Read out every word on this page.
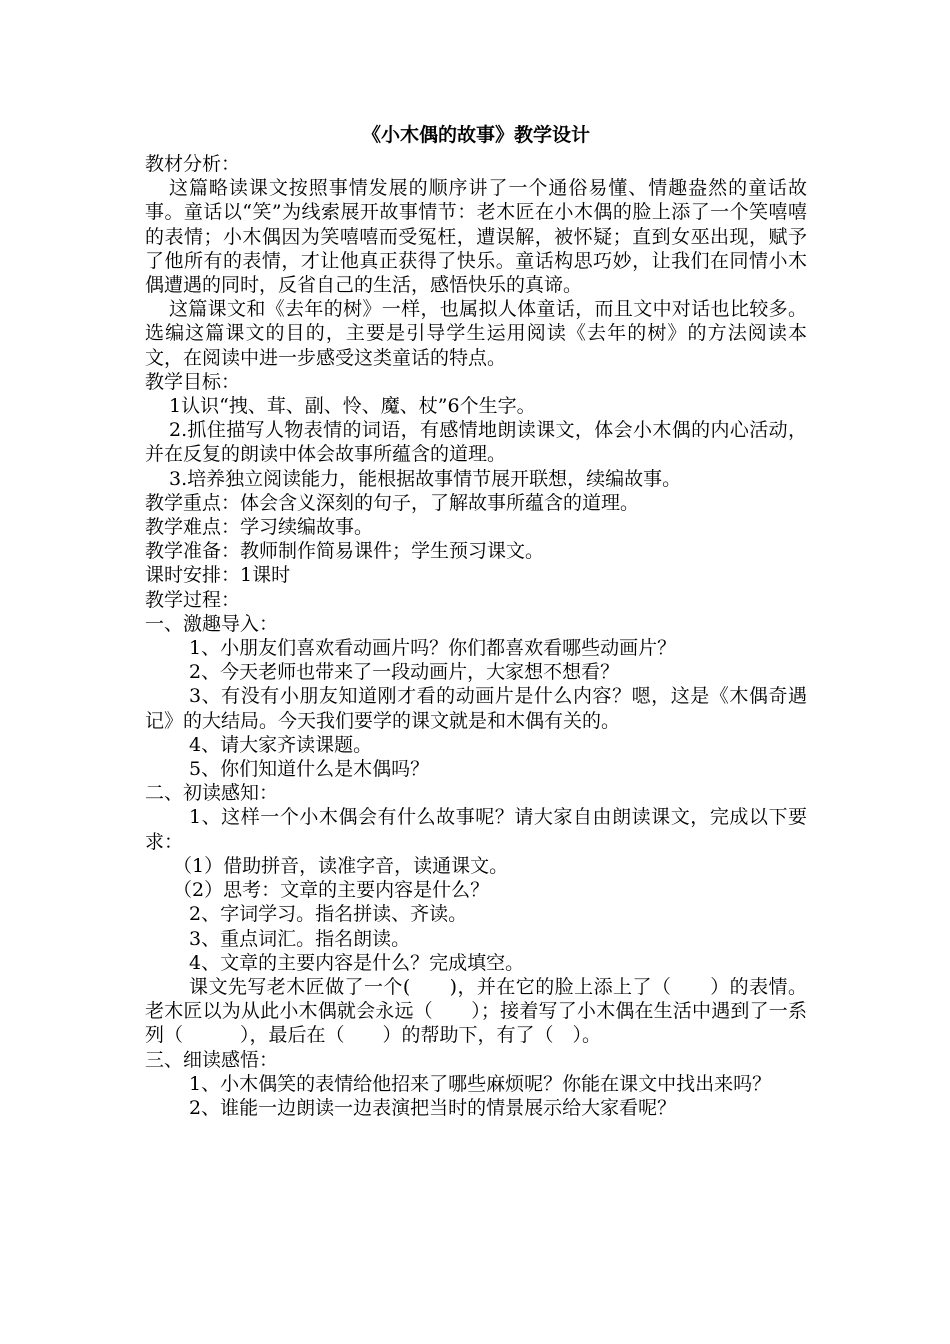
《小木偶的故事》教学设计

教材分析：

这篇略读课文按照事情发展的顺序讲了一个通俗易懂、情趣盎然的童话故事。童话以“笑”为线索展开故事情节：老木匠在小木偶的脸上添了一个笑嘻嘻的表情；小木偶因为笑嘻嘻而受冤枉，遭误解，被怀疑；直到女巫出现，赋予了他所有的表情，才让他真正获得了快乐。童话构思巧妙，让我们在同情小木偶遭遇的同时，反省自己的生活，感悟快乐的真谛。

这篇课文和《去年的树》一样，也属拟人体童话，而且文中对话也比较多。选编这篇课文的目的，主要是引导学生运用阅读《去年的树》的方法阅读本文，在阅读中进一步感受这类童话的特点。

教学目标：

1认识“拽、茸、副、怜、魔、杖”6个生字。

2.抓住描写人物表情的词语，有感情地朗读课文，体会小木偶的内心活动，并在反复的朗读中体会故事所蕴含的道理。

3.培养独立阅读能力，能根据故事情节展开联想，续编故事。

教学重点：体会含义深刻的句子，了解故事所蕴含的道理。

教学难点：学习续编故事。

教学准备：教师制作简易课件；学生预习课文。

课时安排：1课时

教学过程：

一、激趣导入：

1、小朋友们喜欢看动画片吗？你们都喜欢看哪些动画片？

2、今天老师也带来了一段动画片，大家想不想看？

3、有没有小朋友知道刚才看的动画片是什么内容？嗯，这是《木偶奇遇记》的大结局。今天我们要学的课文就是和木偶有关的。

4、请大家齐读课题。

5、你们知道什么是木偶吗？

二、初读感知：

1、这样一个小木偶会有什么故事呢？请大家自由朗读课文，完成以下要求：

（1）借助拼音，读准字音，读通课文。

（2）思考：文章的主要内容是什么？

2、字词学习。指名拼读、齐读。

3、重点词汇。指名朗读。

4、文章的主要内容是什么？完成填空。

课文先写老木匠做了一个(　　)，并在它的脸上添上了（　　）的表情。老木匠以为从此小木偶就会永远（　　）；接着写了小木偶在生活中遇到了一系列（　　　），最后在（　　）的帮助下，有了（　）。

三、细读感悟：

1、小木偶笑的表情给他招来了哪些麻烦呢？你能在课文中找出来吗？

2、谁能一边朗读一边表演把当时的情景展示给大家看呢？
